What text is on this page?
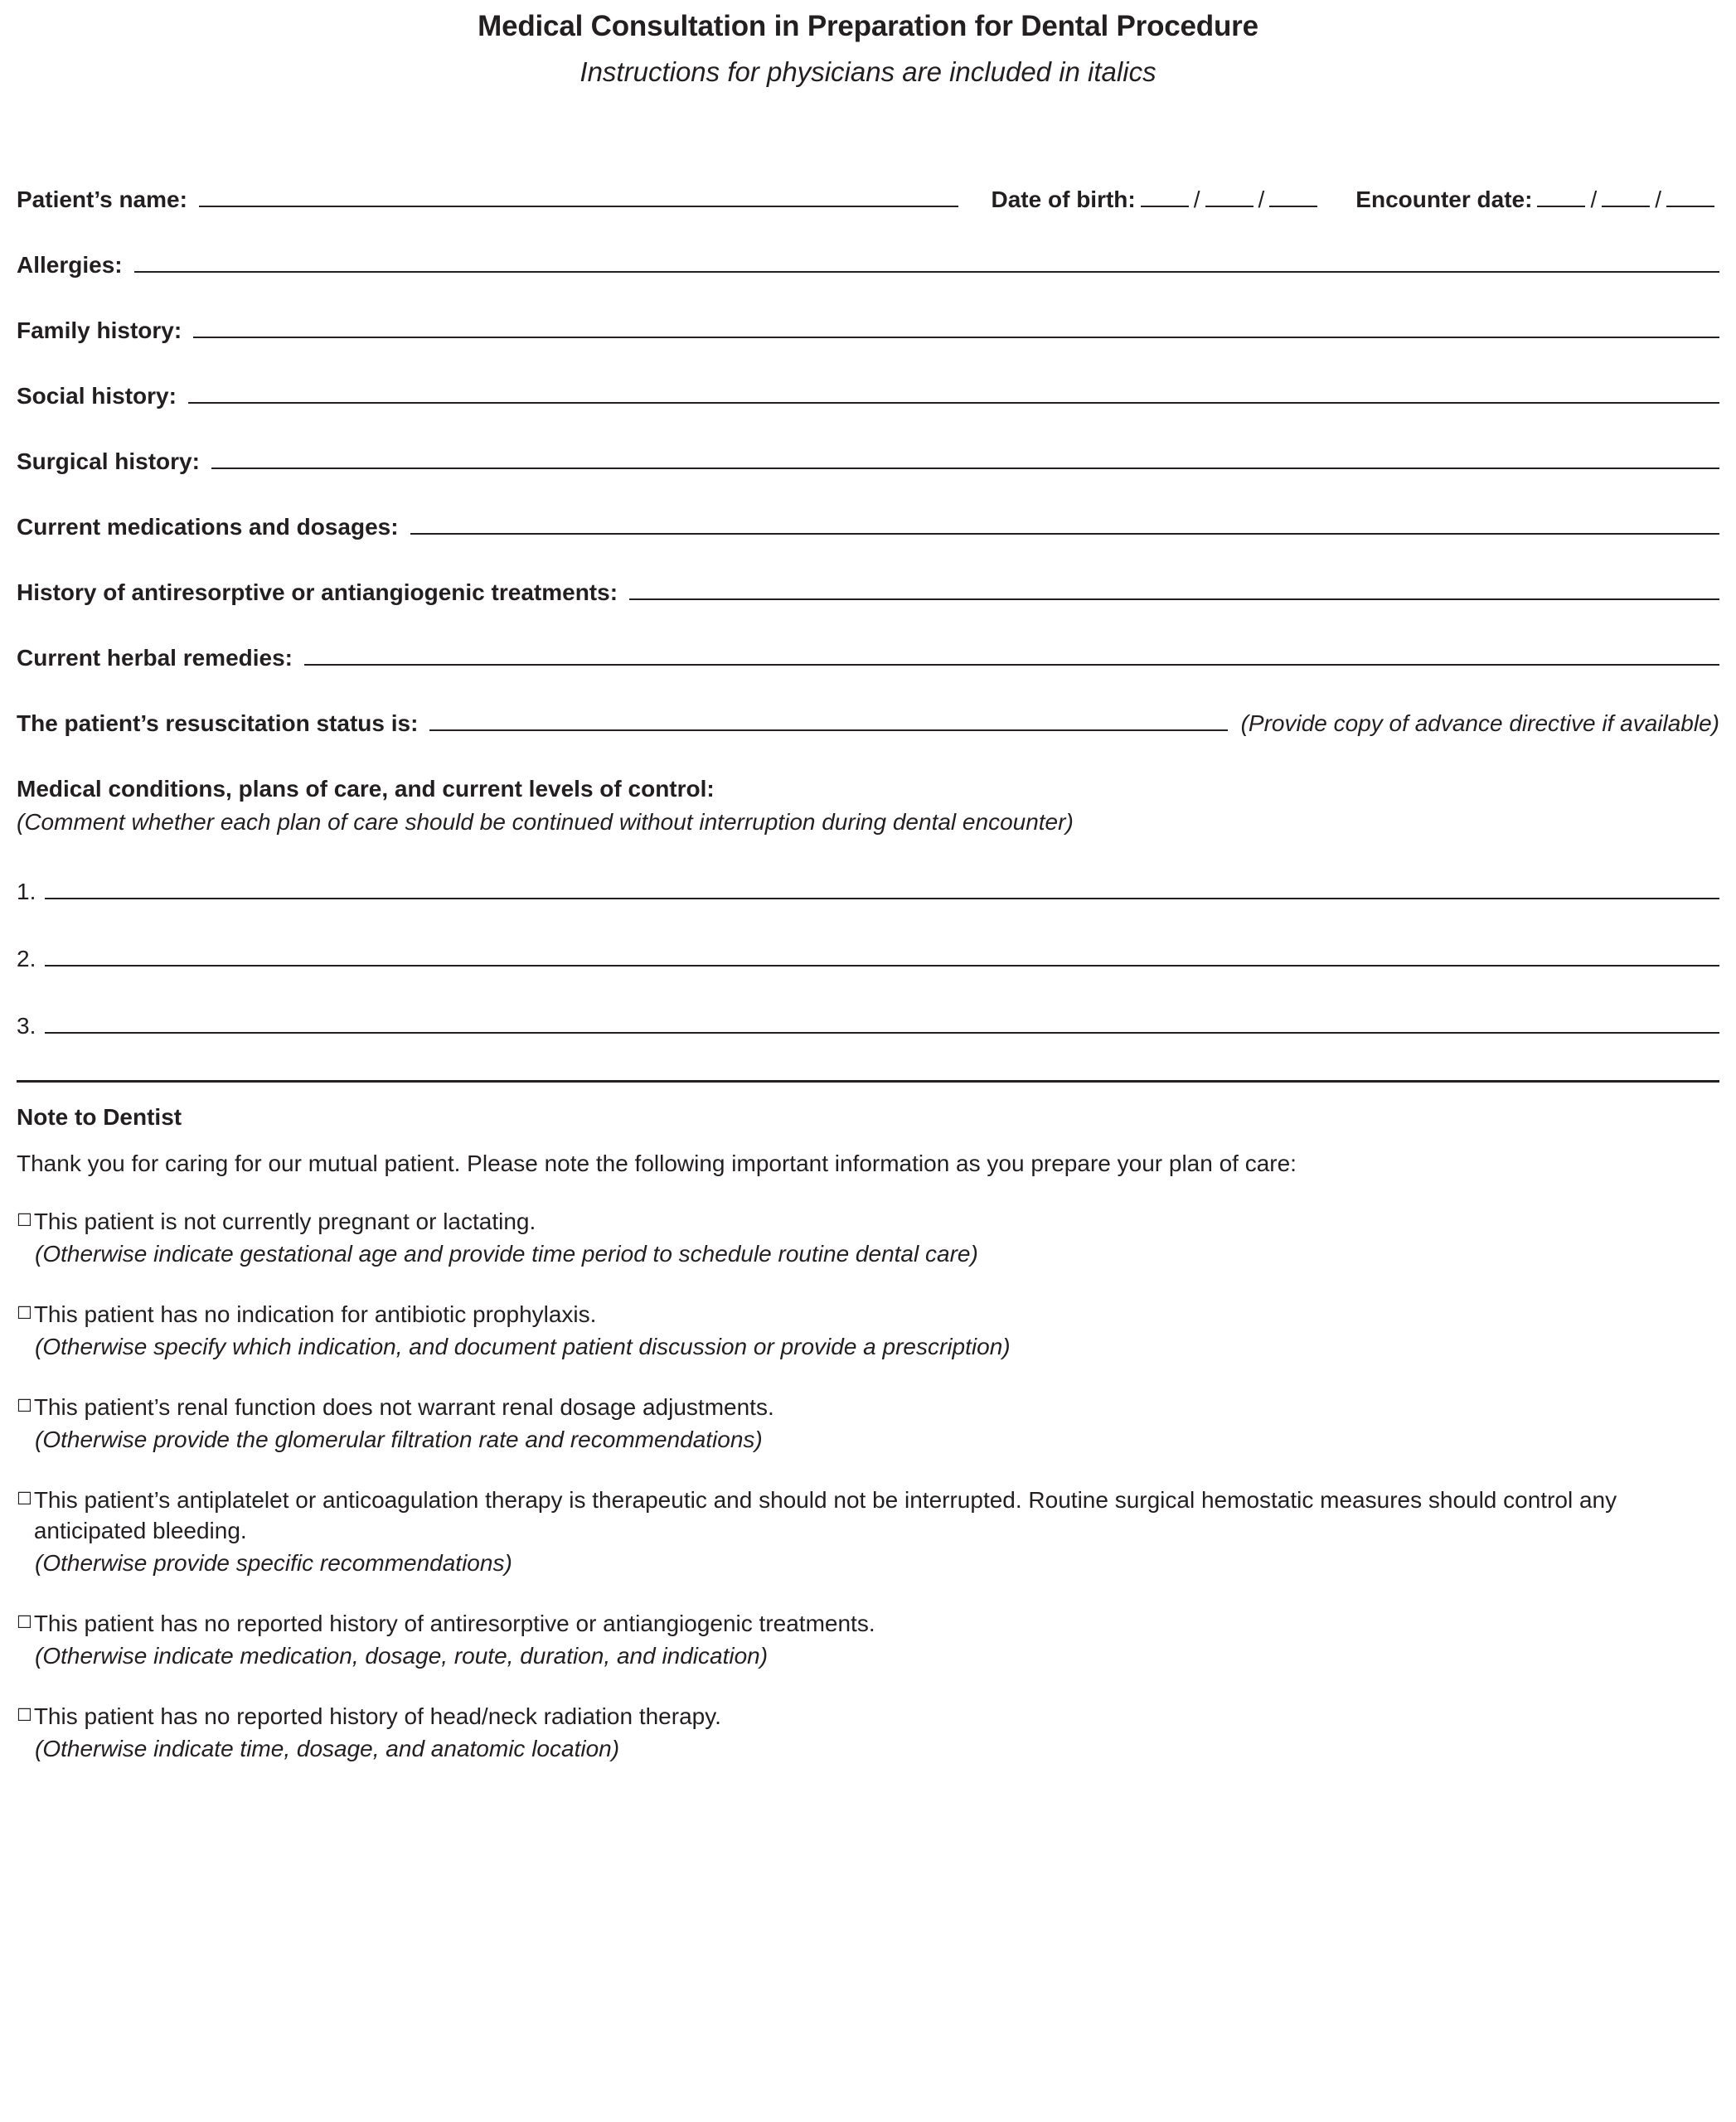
Medical Consultation in Preparation for Dental Procedure
Instructions for physicians are included in italics
Patient’s name:	Date of birth:	/	/	Encounter date:	/	/
Allergies:
Family history:
Social history:
Surgical history:
Current medications and dosages:
History of antiresorptive or antiangiogenic treatments:
Current herbal remedies:
The patient’s resuscitation status is:	(Provide copy of advance directive if available)
Medical conditions, plans of care, and current levels of control:
(Comment whether each plan of care should be continued without interruption during dental encounter)
1.
2.
3.
Note to Dentist
Thank you for caring for our mutual patient. Please note the following important information as you prepare your plan of care:
☐ This patient is not currently pregnant or lactating.
(Otherwise indicate gestational age and provide time period to schedule routine dental care)
☐ This patient has no indication for antibiotic prophylaxis.
(Otherwise specify which indication, and document patient discussion or provide a prescription)
☐ This patient’s renal function does not warrant renal dosage adjustments.
(Otherwise provide the glomerular filtration rate and recommendations)
☐ This patient’s antiplatelet or anticoagulation therapy is therapeutic and should not be interrupted. Routine surgical hemostatic measures should control any anticipated bleeding.
(Otherwise provide specific recommendations)
☐ This patient has no reported history of antiresorptive or antiangiogenic treatments.
(Otherwise indicate medication, dosage, route, duration, and indication)
☐ This patient has no reported history of head/neck radiation therapy.
(Otherwise indicate time, dosage, and anatomic location)
